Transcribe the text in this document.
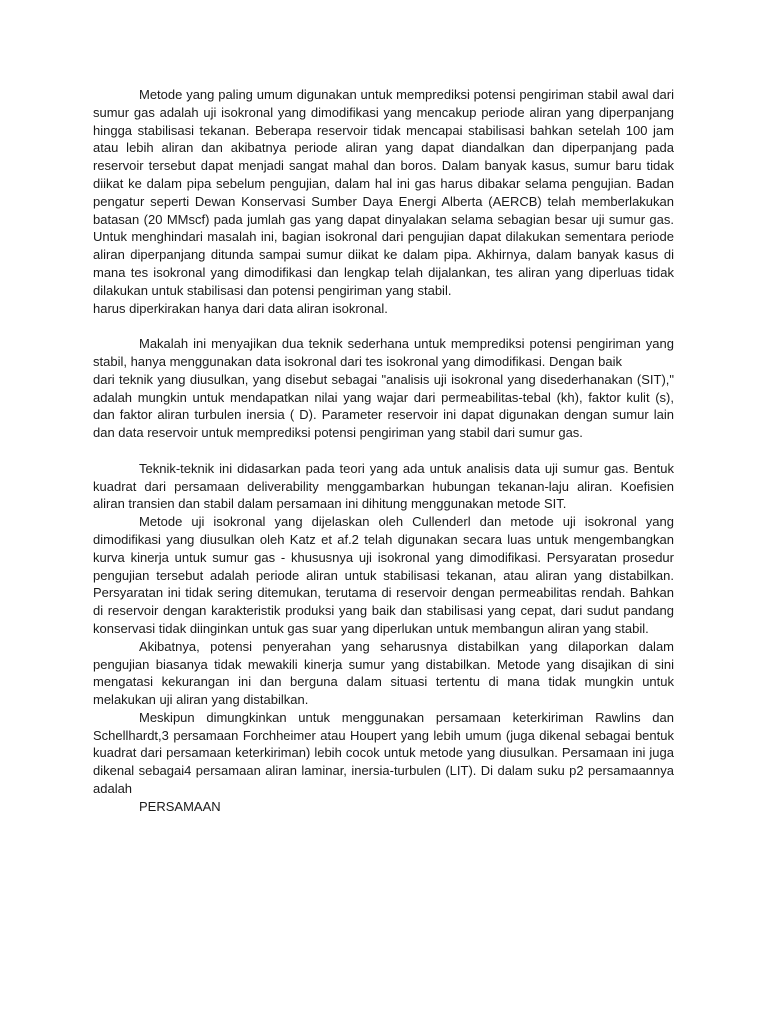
Metode yang paling umum digunakan untuk memprediksi potensi pengiriman stabil awal dari sumur gas adalah uji isokronal yang dimodifikasi yang mencakup periode aliran yang diperpanjang hingga stabilisasi tekanan. Beberapa reservoir tidak mencapai stabilisasi bahkan setelah 100 jam atau lebih aliran dan akibatnya periode aliran yang dapat diandalkan dan diperpanjang pada reservoir tersebut dapat menjadi sangat mahal dan boros. Dalam banyak kasus, sumur baru tidak diikat ke dalam pipa sebelum pengujian, dalam hal ini gas harus dibakar selama pengujian. Badan pengatur seperti Dewan Konservasi Sumber Daya Energi Alberta (AERCB) telah memberlakukan batasan (20 MMscf) pada jumlah gas yang dapat dinyalakan selama sebagian besar uji sumur gas. Untuk menghindari masalah ini, bagian isokronal dari pengujian dapat dilakukan sementara periode aliran diperpanjang ditunda sampai sumur diikat ke dalam pipa. Akhirnya, dalam banyak kasus di mana tes isokronal yang dimodifikasi dan lengkap telah dijalankan, tes aliran yang diperluas tidak dilakukan untuk stabilisasi dan potensi pengiriman yang stabil.

harus diperkirakan hanya dari data aliran isokronal.

Makalah ini menyajikan dua teknik sederhana untuk memprediksi potensi pengiriman yang stabil, hanya menggunakan data isokronal dari tes isokronal yang dimodifikasi. Dengan baik

dari teknik yang diusulkan, yang disebut sebagai "analisis uji isokronal yang disederhanakan (SIT)," adalah mungkin untuk mendapatkan nilai yang wajar dari permeabilitas-tebal (kh), faktor kulit (s), dan faktor aliran turbulen inersia ( D). Parameter reservoir ini dapat digunakan dengan sumur lain dan data reservoir untuk memprediksi potensi pengiriman yang stabil dari sumur gas.

Teknik-teknik ini didasarkan pada teori yang ada untuk analisis data uji sumur gas. Bentuk kuadrat dari persamaan deliverability menggambarkan hubungan tekanan-laju aliran. Koefisien aliran transien dan stabil dalam persamaan ini dihitung menggunakan metode SIT.

Metode uji isokronal yang dijelaskan oleh Cullenderl dan metode uji isokronal yang dimodifikasi yang diusulkan oleh Katz et af.2 telah digunakan secara luas untuk mengembangkan kurva kinerja untuk sumur gas - khususnya uji isokronal yang dimodifikasi. Persyaratan prosedur pengujian tersebut adalah periode aliran untuk stabilisasi tekanan, atau aliran yang distabilkan. Persyaratan ini tidak sering ditemukan, terutama di reservoir dengan permeabilitas rendah. Bahkan di reservoir dengan karakteristik produksi yang baik dan stabilisasi yang cepat, dari sudut pandang konservasi tidak diinginkan untuk gas suar yang diperlukan untuk membangun aliran yang stabil.

Akibatnya, potensi penyerahan yang seharusnya distabilkan yang dilaporkan dalam pengujian biasanya tidak mewakili kinerja sumur yang distabilkan. Metode yang disajikan di sini mengatasi kekurangan ini dan berguna dalam situasi tertentu di mana tidak mungkin untuk melakukan uji aliran yang distabilkan.

Meskipun dimungkinkan untuk menggunakan persamaan keterkiriman Rawlins dan Schellhardt,3 persamaan Forchheimer atau Houpert yang lebih umum (juga dikenal sebagai bentuk kuadrat dari persamaan keterkiriman) lebih cocok untuk metode yang diusulkan. Persamaan ini juga dikenal sebagai4 persamaan aliran laminar, inersia-turbulen (LIT). Di dalam suku p2 persamaannya adalah

PERSAMAAN
